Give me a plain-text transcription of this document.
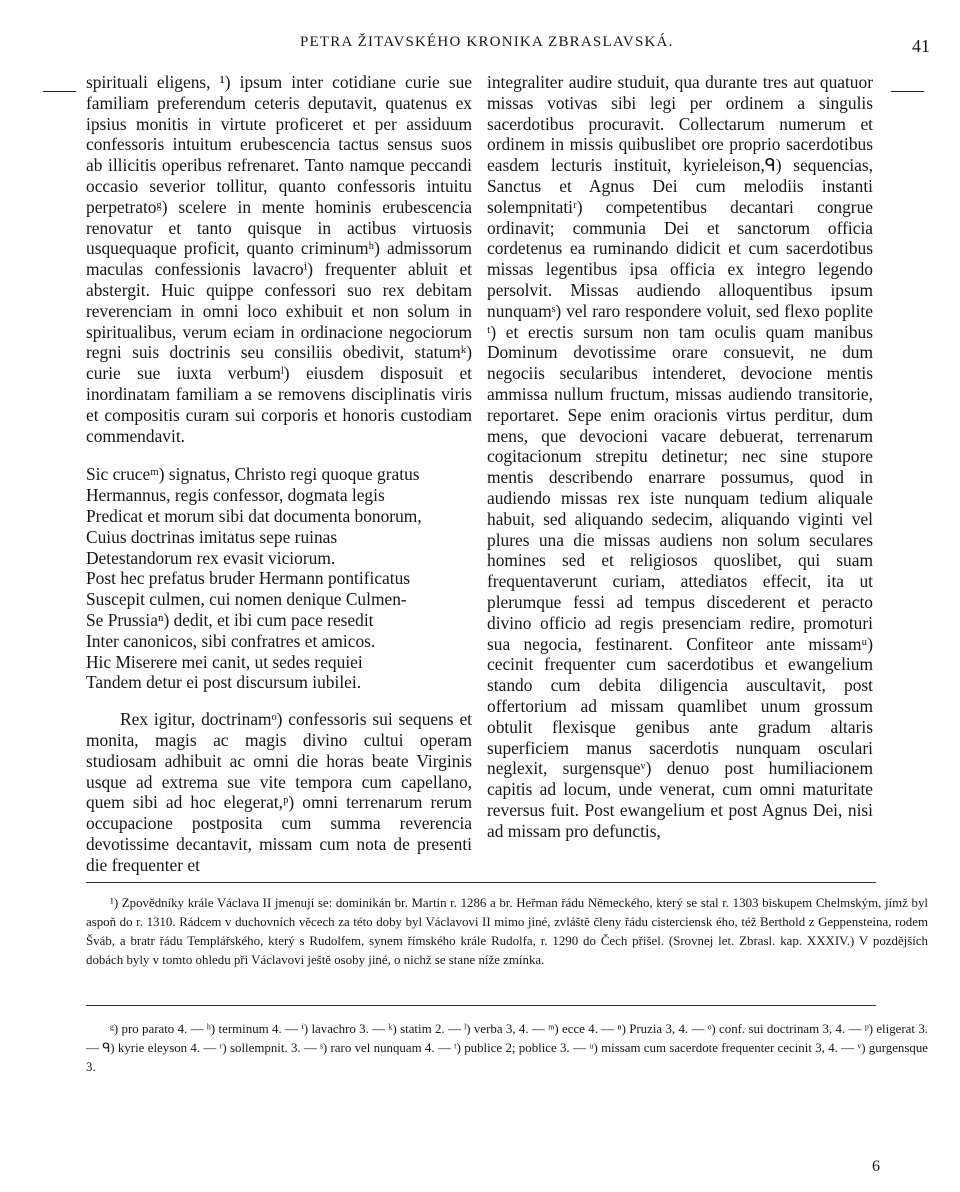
PETRA ŽITAVSKÉHO KRONIKA ZBRASLAVSKÁ.	41

spirituali eligens, ¹) ipsum inter cotidiane curie sue familiam preferendum ceteris deputavit, quatenus ex ipsius monitis in virtute proficeret et per assiduum confessoris intuitum erubescencia tactus sensus suos ab illicitis operibus refrenaret. Tanto namque peccandi occasio severior tollitur, quanto confessoris intuitu perpetratoᵍ) scelere in mente hominis erubescencia renovatur et tanto quisque in actibus virtuosis usquequaque proficit, quanto criminumʰ) admissorum maculas confessionis lavacroⁱ) frequenter abluit et abstergit. Huic quippe confessori suo rex debitam reverenciam in omni loco exhibuit et non solum in spiritualibus, verum eciam in ordinacione negociorum regni suis doctrinis seu consiliis obedivit, statumᵏ) curie sue iuxta verbumˡ) eiusdem disposuit et inordinatam familiam a se removens disciplinatis viris et compositis curam sui corporis et honoris custodiam commendavit.

Sic cruceᵐ) signatus, Christo regi quoque gratus
Hermannus, regis confessor, dogmata legis
Predicat et morum sibi dat documenta bonorum,
Cuius doctrinas imitatus sepe ruinas
Detestandorum rex evasit viciorum.
Post hec prefatus bruder Hermann pontificatus
Suscepit culmen, cui nomen denique Culmen-
Se Prussiaⁿ) dedit, et ibi cum pace resedit
Inter canonicos, sibi confratres et amicos.
Hic Miserere mei canit, ut sedes requiei
Tandem detur ei post discursum iubilei.

Rex igitur, doctrinamᵒ) confessoris sui sequens et monita, magis ac magis divino cultui operam studiosam adhibuit ac omni die horas beate Virginis usque ad extrema sue vite tempora cum capellano, quem sibi ad hoc elegerat,ᵖ) omni terrenarum rerum occupacione postposita cum summa reverencia devotissime decantavit, missam cum nota de presenti die frequenter et

integraliter audire studuit, qua durante tres aut quatuor missas votivas sibi legi per ordinem a singulis sacerdotibus procuravit. Collectarum numerum et ordinem in missis quibuslibet ore proprio sacerdotibus easdem lecturis instituit, kyrieleison,ᑫ) sequencias, Sanctus et Agnus Dei cum melodiis instanti solempnitatiʳ) competentibus decantari congrue ordinavit; communia Dei et sanctorum officia cordetenus ea ruminando didicit et cum sacerdotibus missas legentibus ipsa officia ex integro legendo persolvit. Missas audiendo alloquentibus ipsum nunquamˢ) vel raro respondere voluit, sed flexo poplite ᵗ) et erectis sursum non tam oculis quam manibus Dominum devotissime orare consuevit, ne dum negociis secularibus intenderet, devocione mentis ammissa nullum fructum, missas audiendo transitorie, reportaret. Sepe enim oracionis virtus perditur, dum mens, que devocioni vacare debuerat, terrenarum cogitacionum strepitu detinetur; nec sine stupore mentis describendo enarrare possumus, quod in audiendo missas rex iste nunquam tedium aliquale habuit, sed aliquando sedecim, aliquando viginti vel plures una die missas audiens non solum seculares homines sed et religiosos quoslibet, qui suam frequentaverunt curiam, attediatos effecit, ita ut plerumque fessi ad tempus discederent et peracto divino officio ad regis presenciam redire, promoturi sua negocia, festinarent. Confiteor ante missamᵘ) cecinit frequenter cum sacerdotibus et ewangelium stando cum debita diligencia auscultavit, post offertorium ad missam quamlibet unum grossum obtulit flexisque genibus ante gradum altaris superficiem manus sacerdotis nunquam osculari neglexit, surgensqueᵛ) denuo post humiliacionem capitis ad locum, unde venerat, cum omni maturitate reversus fuit. Post ewangelium et post Agnus Dei, nisi ad missam pro defunctis,

¹) Zpovědníky krále Václava II jmenují se: dominikán br. Martin r. 1286 a br. Heřman řádu Německého, který se stal r. 1303 biskupem Chelmským, jímž byl aspoň do r. 1310. Rádcem v duchovních věcech za této doby byl Václavovi II mimo jiné, zvláště členy řádu cisterciensk ého, též Berthold z Geppensteina, rodem Šváb, a bratr řádu Templářského, který s Rudolfem, synem římského krále Rudolfa, r. 1290 do Čech přišel. (Srovnej let. Zbrasl. kap. XXXIV.) V pozdějších dobách byly v tomto ohledu při Václavovi ještě osoby jiné, o nichž se stane níže zmínka.

ᵍ) pro parato 4. — ʰ) terminum 4. — ⁱ) lavachro 3. — ᵏ) statim 2. — ˡ) verba 3, 4. — ᵐ) ecce 4. — ⁿ) Pruzia 3, 4. — ᵒ) conf. sui doctrinam 3, 4. — ᵖ) eligerat 3. — ᑫ) kyrie eleyson 4. — ʳ) sollempnit. 3. — ˢ) raro vel nunquam 4. — ᵗ) publice 2; poblice 3. — ᵘ) missam cum sacerdote frequenter cecinit 3, 4. — ᵛ) gurgensque 3.

6
